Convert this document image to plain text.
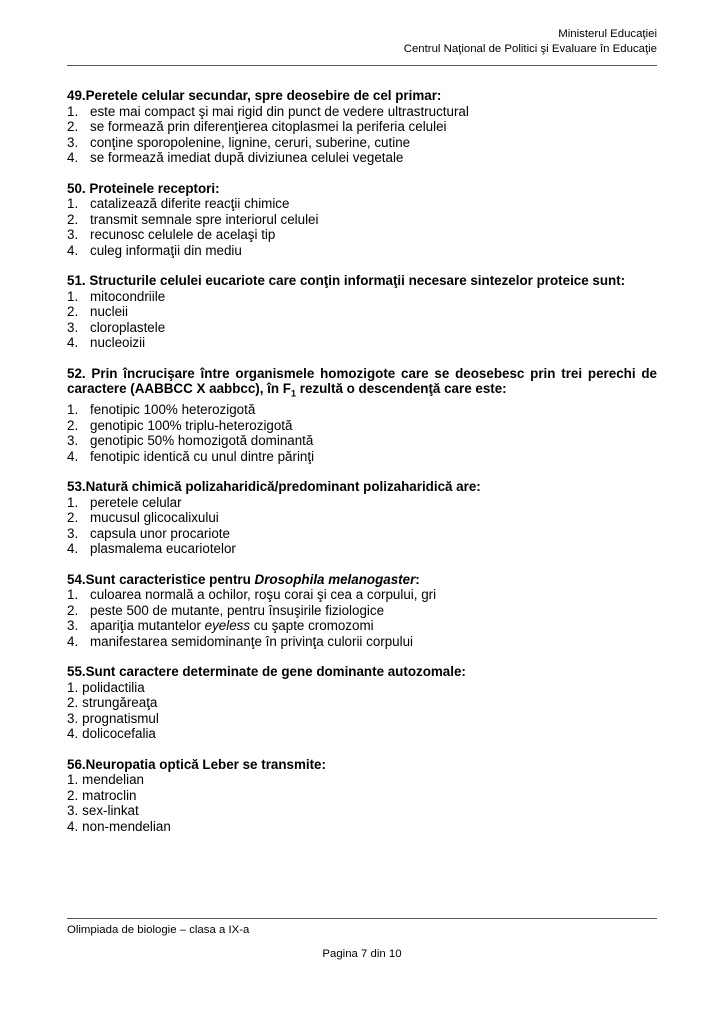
Ministerul Educaţiei
Centrul Naţional de Politici şi Evaluare în Educaţie

49.Peretele celular secundar, spre deosebire de cel primar:

1. este mai compact şi mai rigid din punct de vedere ultrastructural
2. se formează prin diferenţierea citoplasmei la periferia celulei
3. conţine sporopolenine, lignine, ceruri, suberine, cutine
4. se formează imediat după diviziunea celulei vegetale

50. Proteinele receptori:

1. catalizează diferite reacţii chimice
2. transmit semnale spre interiorul celulei
3. recunosc celulele de acelaşi tip
4. culeg informaţii din mediu

51. Structurile celulei eucariote care conţin informaţii necesare sintezelor proteice sunt:

1. mitocondriile
2. nucleii
3. cloroplastele
4. nucleoizii

52. Prin încrucişare între organismele homozigote care se deosebesc prin trei perechi de caractere (AABBCC X aabbcc), în $F_1$ rezultă o descendenţă care este:

1. fenotipic 100% heterozigotă
2. genotipic 100% triplu-heterozigotă
3. genotipic 50% homozigotă dominantă
4. fenotipic identică cu unul dintre părinţi

53.Natură chimică polizaharidică/predominant polizaharidică are:

1. peretele celular
2. mucusul glicocalixului
3. capsula unor procariote
4. plasmalema eucariotelor

54.Sunt caracteristice pentru Drosophila melanogaster:

1. culoarea normală a ochilor, roşu corai şi cea a corpului, gri
2. peste 500 de mutante, pentru însuşirile fiziologice
3. apariţia mutantelor eyeless cu şapte cromozomi
4. manifestarea semidominanţe în privinţa culorii corpului

55.Sunt caractere determinate de gene dominante autozomale:

1. polidactilia
2. strungăreaţa
3. prognatismul
4. dolicocefalia

56.Neuropatia optică Leber se transmite:

1. mendelian
2. matroclin
3. sex-linkat
4. non-mendelian
Olimpiada de biologie – clasa a IX-a
Pagina 7 din 10
